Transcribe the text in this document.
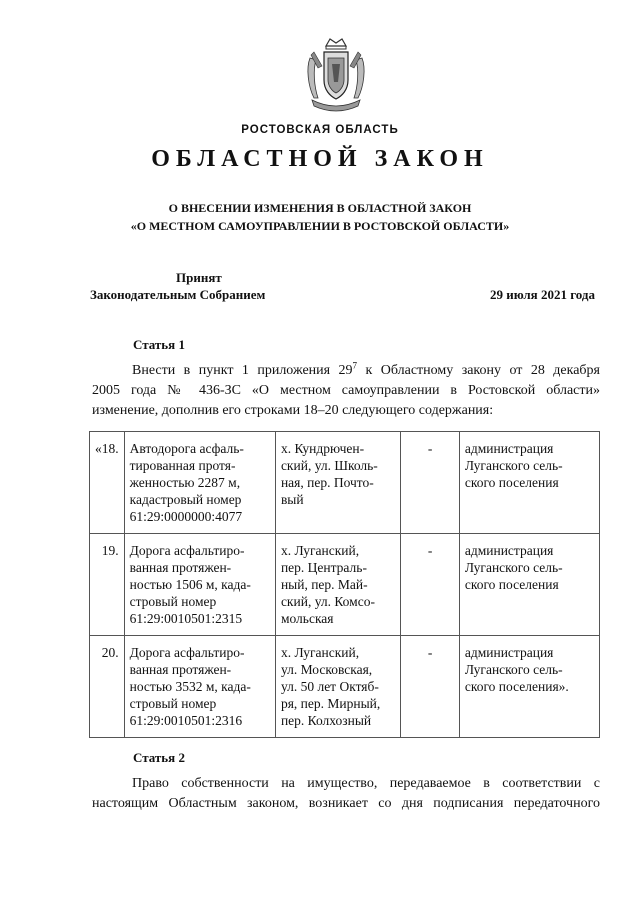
РОСТОВСКАЯ ОБЛАСТЬ
ОБЛАСТНОЙ ЗАКОН
О ВНЕСЕНИИ ИЗМЕНЕНИЯ В ОБЛАСТНОЙ ЗАКОН
«О МЕСТНОМ САМОУПРАВЛЕНИИ В РОСТОВСКОЙ ОБЛАСТИ»
Принят
Законодательным Собранием	29 июля 2021 года
Статья 1
Внести в пункт 1 приложения $29^7$ к Областному закону от 28 декабря
2005 года № 436-ЗС «О местном самоуправлении в Ростовской области»
изменение, дополнив его строками 18–20 следующего содержания:
«18.	Автодорога асфаль-
тированная протя-
женностью 2287 м,
кадастровый номер
61:29:0000000:4077	х. Кундрючен-
ский, ул. Школь-
ная, пер. Почто-
вый	-	администрация
Луганского сель-
ского поселения

19.	Дорога асфальтиро-
ванная протяжен-
ностью 1506 м, када-
стровый номер
61:29:0010501:2315	х. Луганский,
пер. Централь-
ный, пер. Май-
ский, ул. Комсо-
мольская	-	администрация
Луганского сель-
ского поселения

20.	Дорога асфальтиро-
ванная протяжен-
ностью 3532 м, када-
стровый номер
61:29:0010501:2316	х. Луганский,
ул. Московская,
ул. 50 лет Октяб-
ря, пер. Мирный,
пер. Колхозный	-	администрация
Луганского сель-
ского поселения».
Статья 2
Право собственности на имущество, передаваемое в соответствии с
настоящим Областным законом, возникает со дня подписания передаточного
